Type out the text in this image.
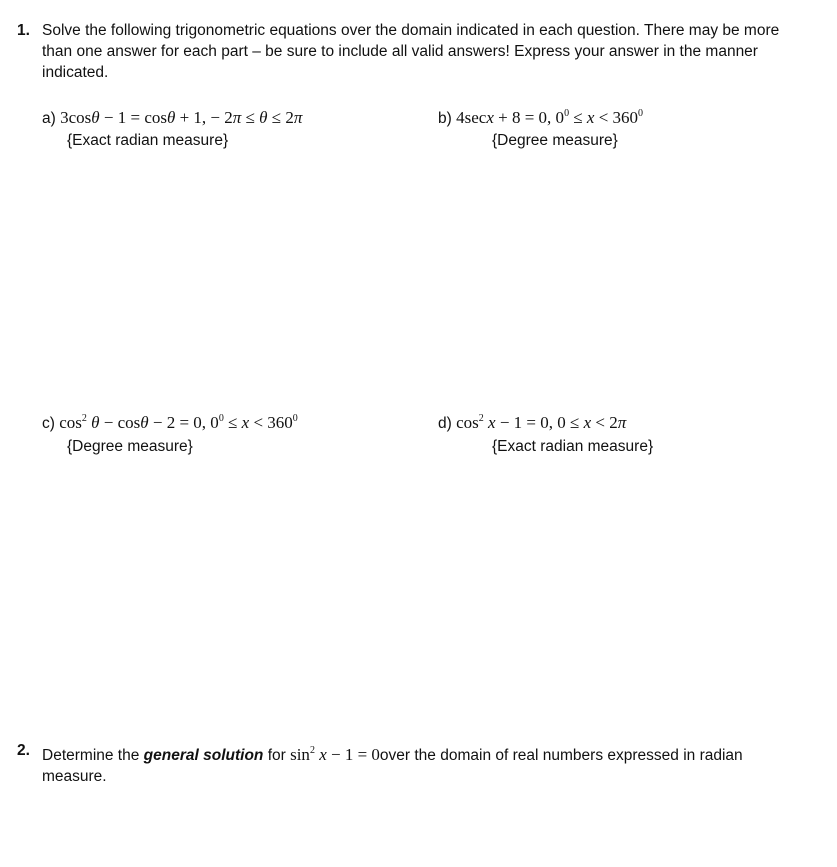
1. Solve the following trigonometric equations over the domain indicated in each question. There may be more than one answer for each part – be sure to include all valid answers! Express your answer in the manner indicated.
a) 3cosθ − 1 = cosθ + 1, − 2π ≤ θ ≤ 2π
{Exact radian measure}
b) 4secx + 8 = 0, $0^0 \le x < 360^0$
{Degree measure}
c) $\cos^2 \theta - \cos\theta - 2 = 0$, $0^0 \le x < 360^0$
{Degree measure}
d) $\cos^2 x - 1 = 0$, 0 ≤ x < 2π
{Exact radian measure}
2. Determine the general solution for $\sin^2 x - 1$ = 0over the domain of real numbers expressed in radian measure.
